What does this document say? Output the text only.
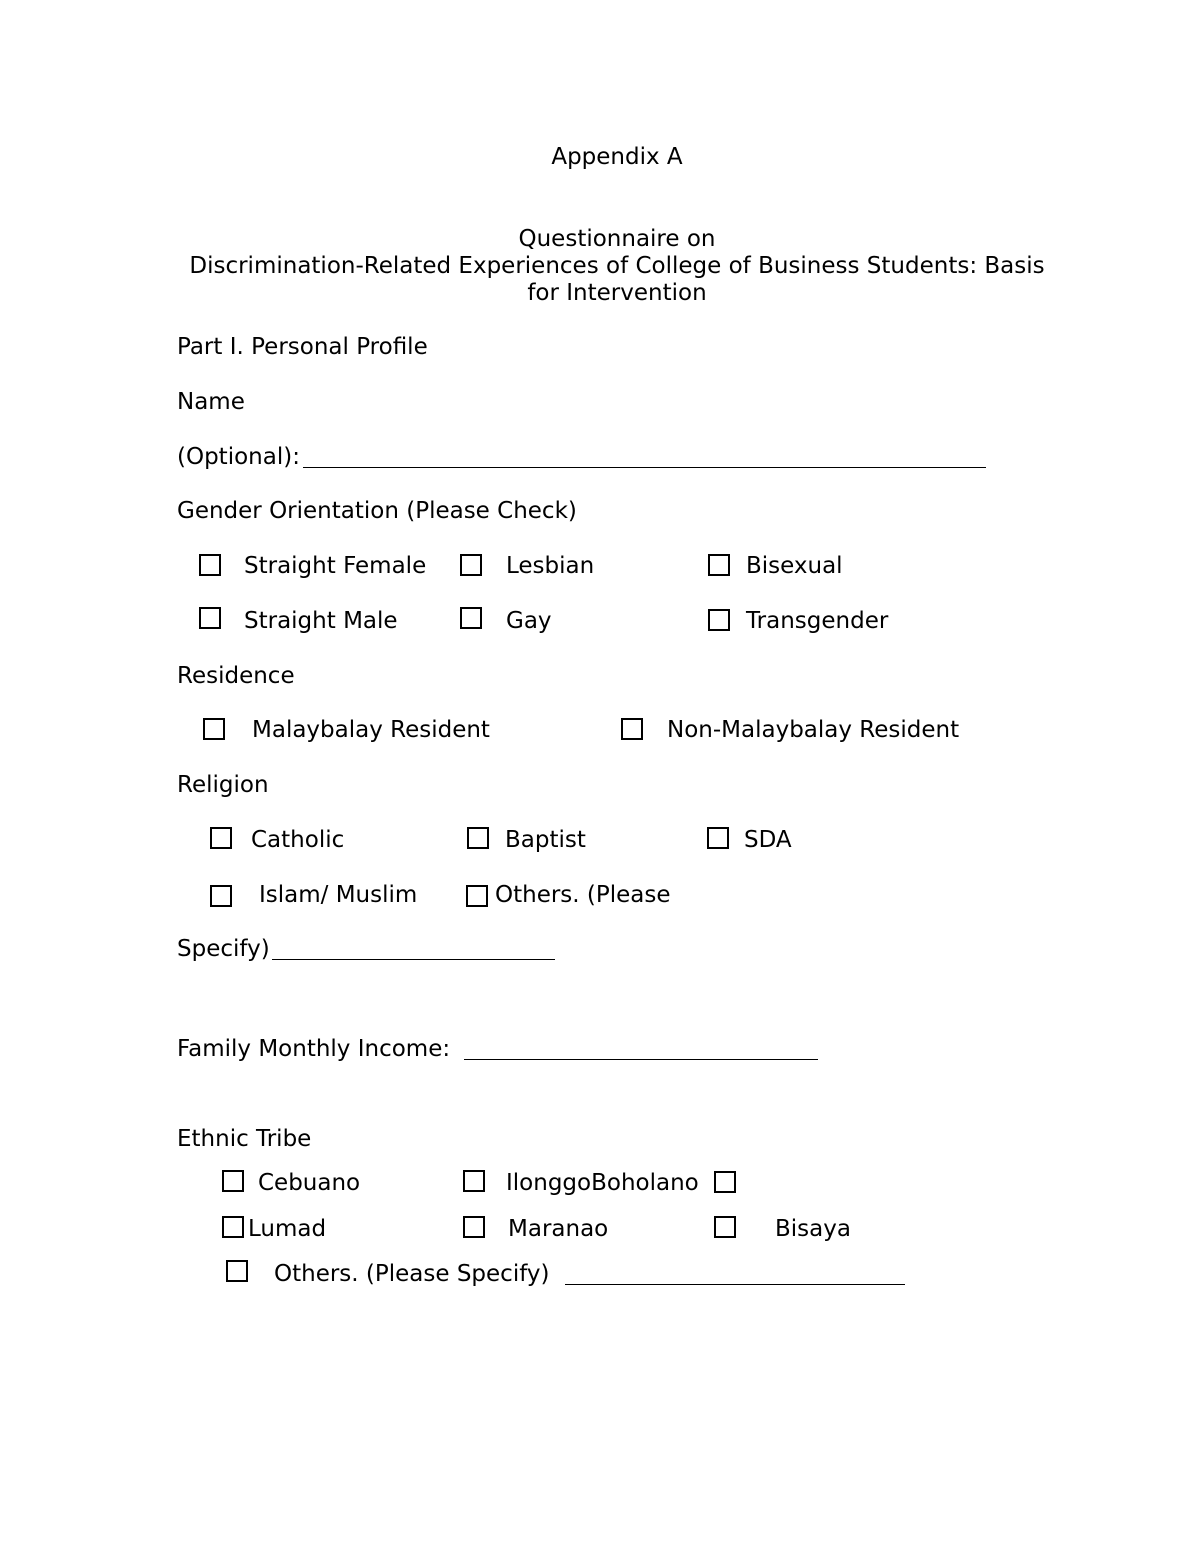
Appendix A
Questionnaire on
Discrimination-Related Experiences of College of Business Students: Basis
for Intervention
Part I. Personal Profile
Name
(Optional):
Gender Orientation (Please Check)
Straight Female	Lesbian	Bisexual
Straight Male	Gay	Transgender
Residence
Malaybalay Resident	Non-Malaybalay Resident
Religion
Catholic	Baptist	SDA
Islam/ Muslim	Others. (Please
Specify)
Family Monthly Income:
Ethnic Tribe
Cebuano	IlonggoBoholano
Lumad	Maranao	Bisaya
Others. (Please Specify)
